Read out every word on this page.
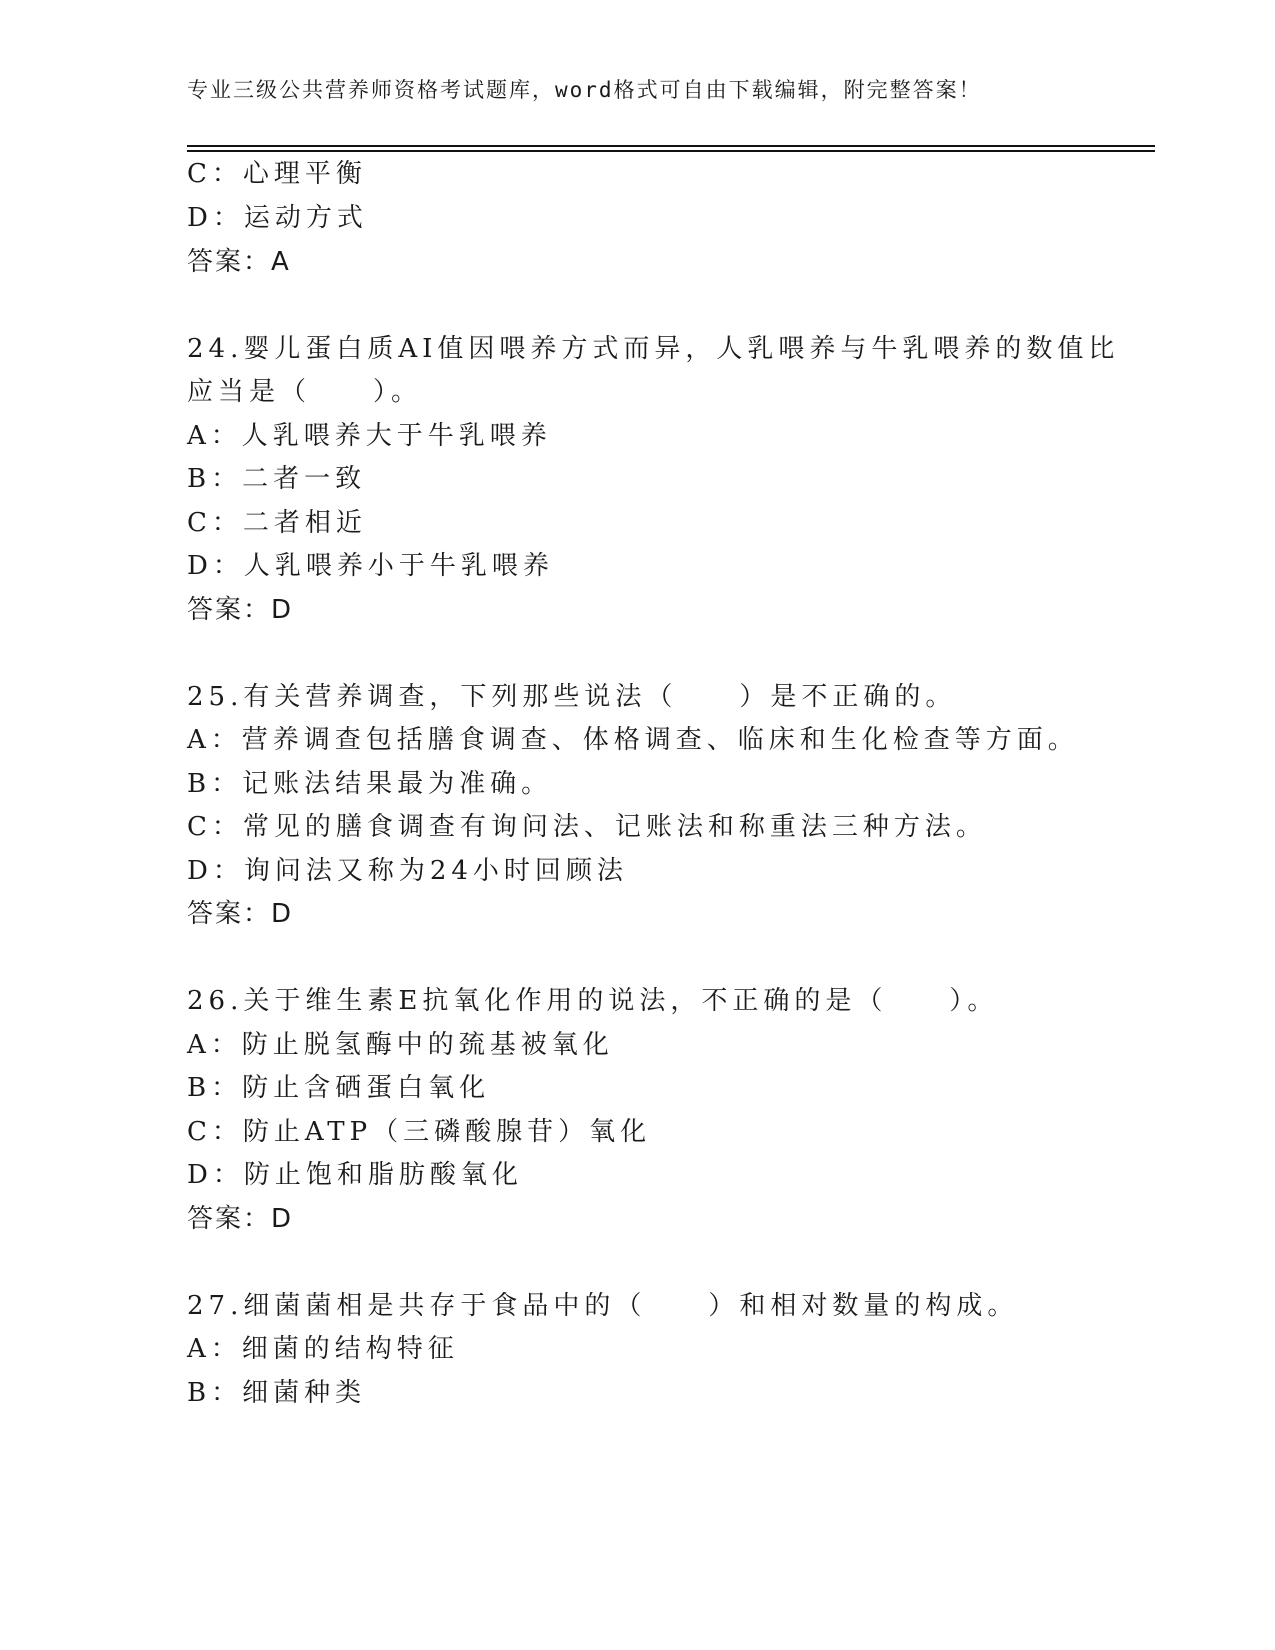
专业三级公共营养师资格考试题库，word格式可自由下载编辑，附完整答案！
C：心理平衡
D：运动方式
答案：A
24.婴儿蛋白质AI值因喂养方式而异，人乳喂养与牛乳喂养的数值比
应当是（　　）。
A：人乳喂养大于牛乳喂养
B：二者一致
C：二者相近
D：人乳喂养小于牛乳喂养
答案：D
25.有关营养调查，下列那些说法（　　）是不正确的。
A：营养调查包括膳食调查、体格调查、临床和生化检查等方面。
B：记账法结果最为准确。
C：常见的膳食调查有询问法、记账法和称重法三种方法。
D：询问法又称为24小时回顾法
答案：D
26.关于维生素E抗氧化作用的说法，不正确的是（　　）。
A：防止脱氢酶中的巯基被氧化
B：防止含硒蛋白氧化
C：防止ATP（三磷酸腺苷）氧化
D：防止饱和脂肪酸氧化
答案：D
27.细菌菌相是共存于食品中的（　　）和相对数量的构成。
A：细菌的结构特征
B：细菌种类
